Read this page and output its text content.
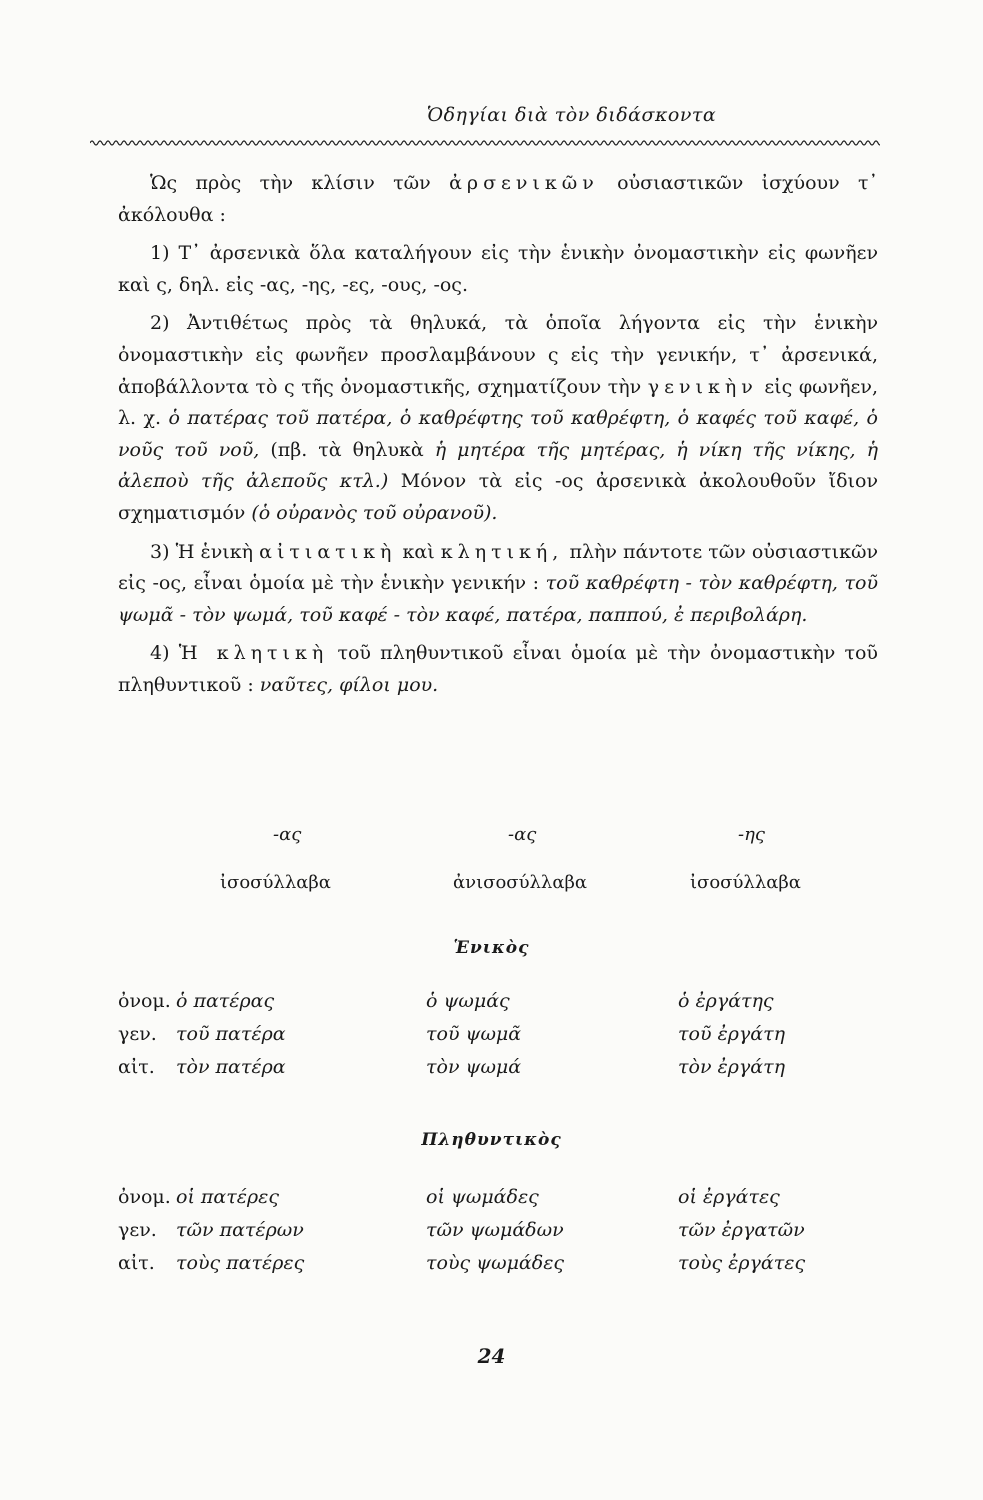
Ὁδηγίαι διὰ τὸν διδάσκοντα

Ὡς πρὸς τὴν κλίσιν τῶν ἀρσενικῶν οὐσιαστικῶν ἰσχύουν τ᾿ ἀκόλουθα :

1) Τ᾿ ἀρσενικὰ ὅλα καταλήγουν εἰς τὴν ἑνικὴν ὀνομαστικὴν εἰς φωνῆεν καὶ ς, δηλ. εἰς -ας, -ης, -ες, -ους, -ος.

2) Ἀντιθέτως πρὸς τὰ θηλυκά, τὰ ὁποῖα λήγοντα εἰς τὴν ἑνικὴν ὀνομαστικὴν εἰς φωνῆεν προσλαμβάνουν ς εἰς τὴν γενικήν, τ᾿ ἀρσενικά, ἀποβάλλοντα τὸ ς τῆς ὀνομαστικῆς, σχηματίζουν τὴν γενικὴν εἰς φωνῆεν, λ. χ. ὁ πατέρας τοῦ πατέρα, ὁ καθρέφτης τοῦ καθρέφτη, ὁ καφές τοῦ καφέ, ὁ νοῦς τοῦ νοῦ, (πβ. τὰ θηλυκὰ ἡ μητέρα τῆς μητέρας, ἡ νίκη τῆς νίκης, ἡ ἀλεποὺ τῆς ἀλεποῦς κτλ.) Μόνον τὰ εἰς -ος ἀρσενικὰ ἀκολουθοῦν ἴδιον σχηματισμόν (ὁ οὐρανὸς τοῦ οὐρανοῦ).

3) Ἡ ἑνικὴ αἰτιατικὴ καὶ κλητική, πλὴν πάντοτε τῶν οὐσιαστικῶν εἰς -ος, εἶναι ὁμοία μὲ τὴν ἑνικὴν γενικήν : τοῦ καθρέφτη - τὸν καθρέφτη, τοῦ ψωμᾶ - τὸν ψωμά, τοῦ καφέ - τὸν καφέ, πατέρα, παππού, ἐ περιβολάρη.

4) Ἡ κλητικὴ τοῦ πληθυντικοῦ εἶναι ὁμοία μὲ τὴν ὀνομαστικὴν τοῦ πληθυντικοῦ : ναῦτες, φίλοι μου.

-ας	-ας	-ης
ἰσοσύλλαβα	ἀνισοσύλλαβα	ἰσοσύλλαβα
Ἑνικὸς
ὀνομ. ὁ πατέρας	ὁ ψωμάς	ὁ ἐργάτης
γεν. τοῦ πατέρα	τοῦ ψωμᾶ	τοῦ ἐργάτη
αἰτ. τὸν πατέρα	τὸν ψωμά	τὸν ἐργάτη
Πληθυντικὸς
ὀνομ. οἱ πατέρες	οἱ ψωμάδες	οἱ ἐργάτες
γεν. τῶν πατέρων	τῶν ψωμάδων	τῶν ἐργατῶν
αἰτ. τοὺς πατέρες	τοὺς ψωμάδες	τοὺς ἐργάτες
24
